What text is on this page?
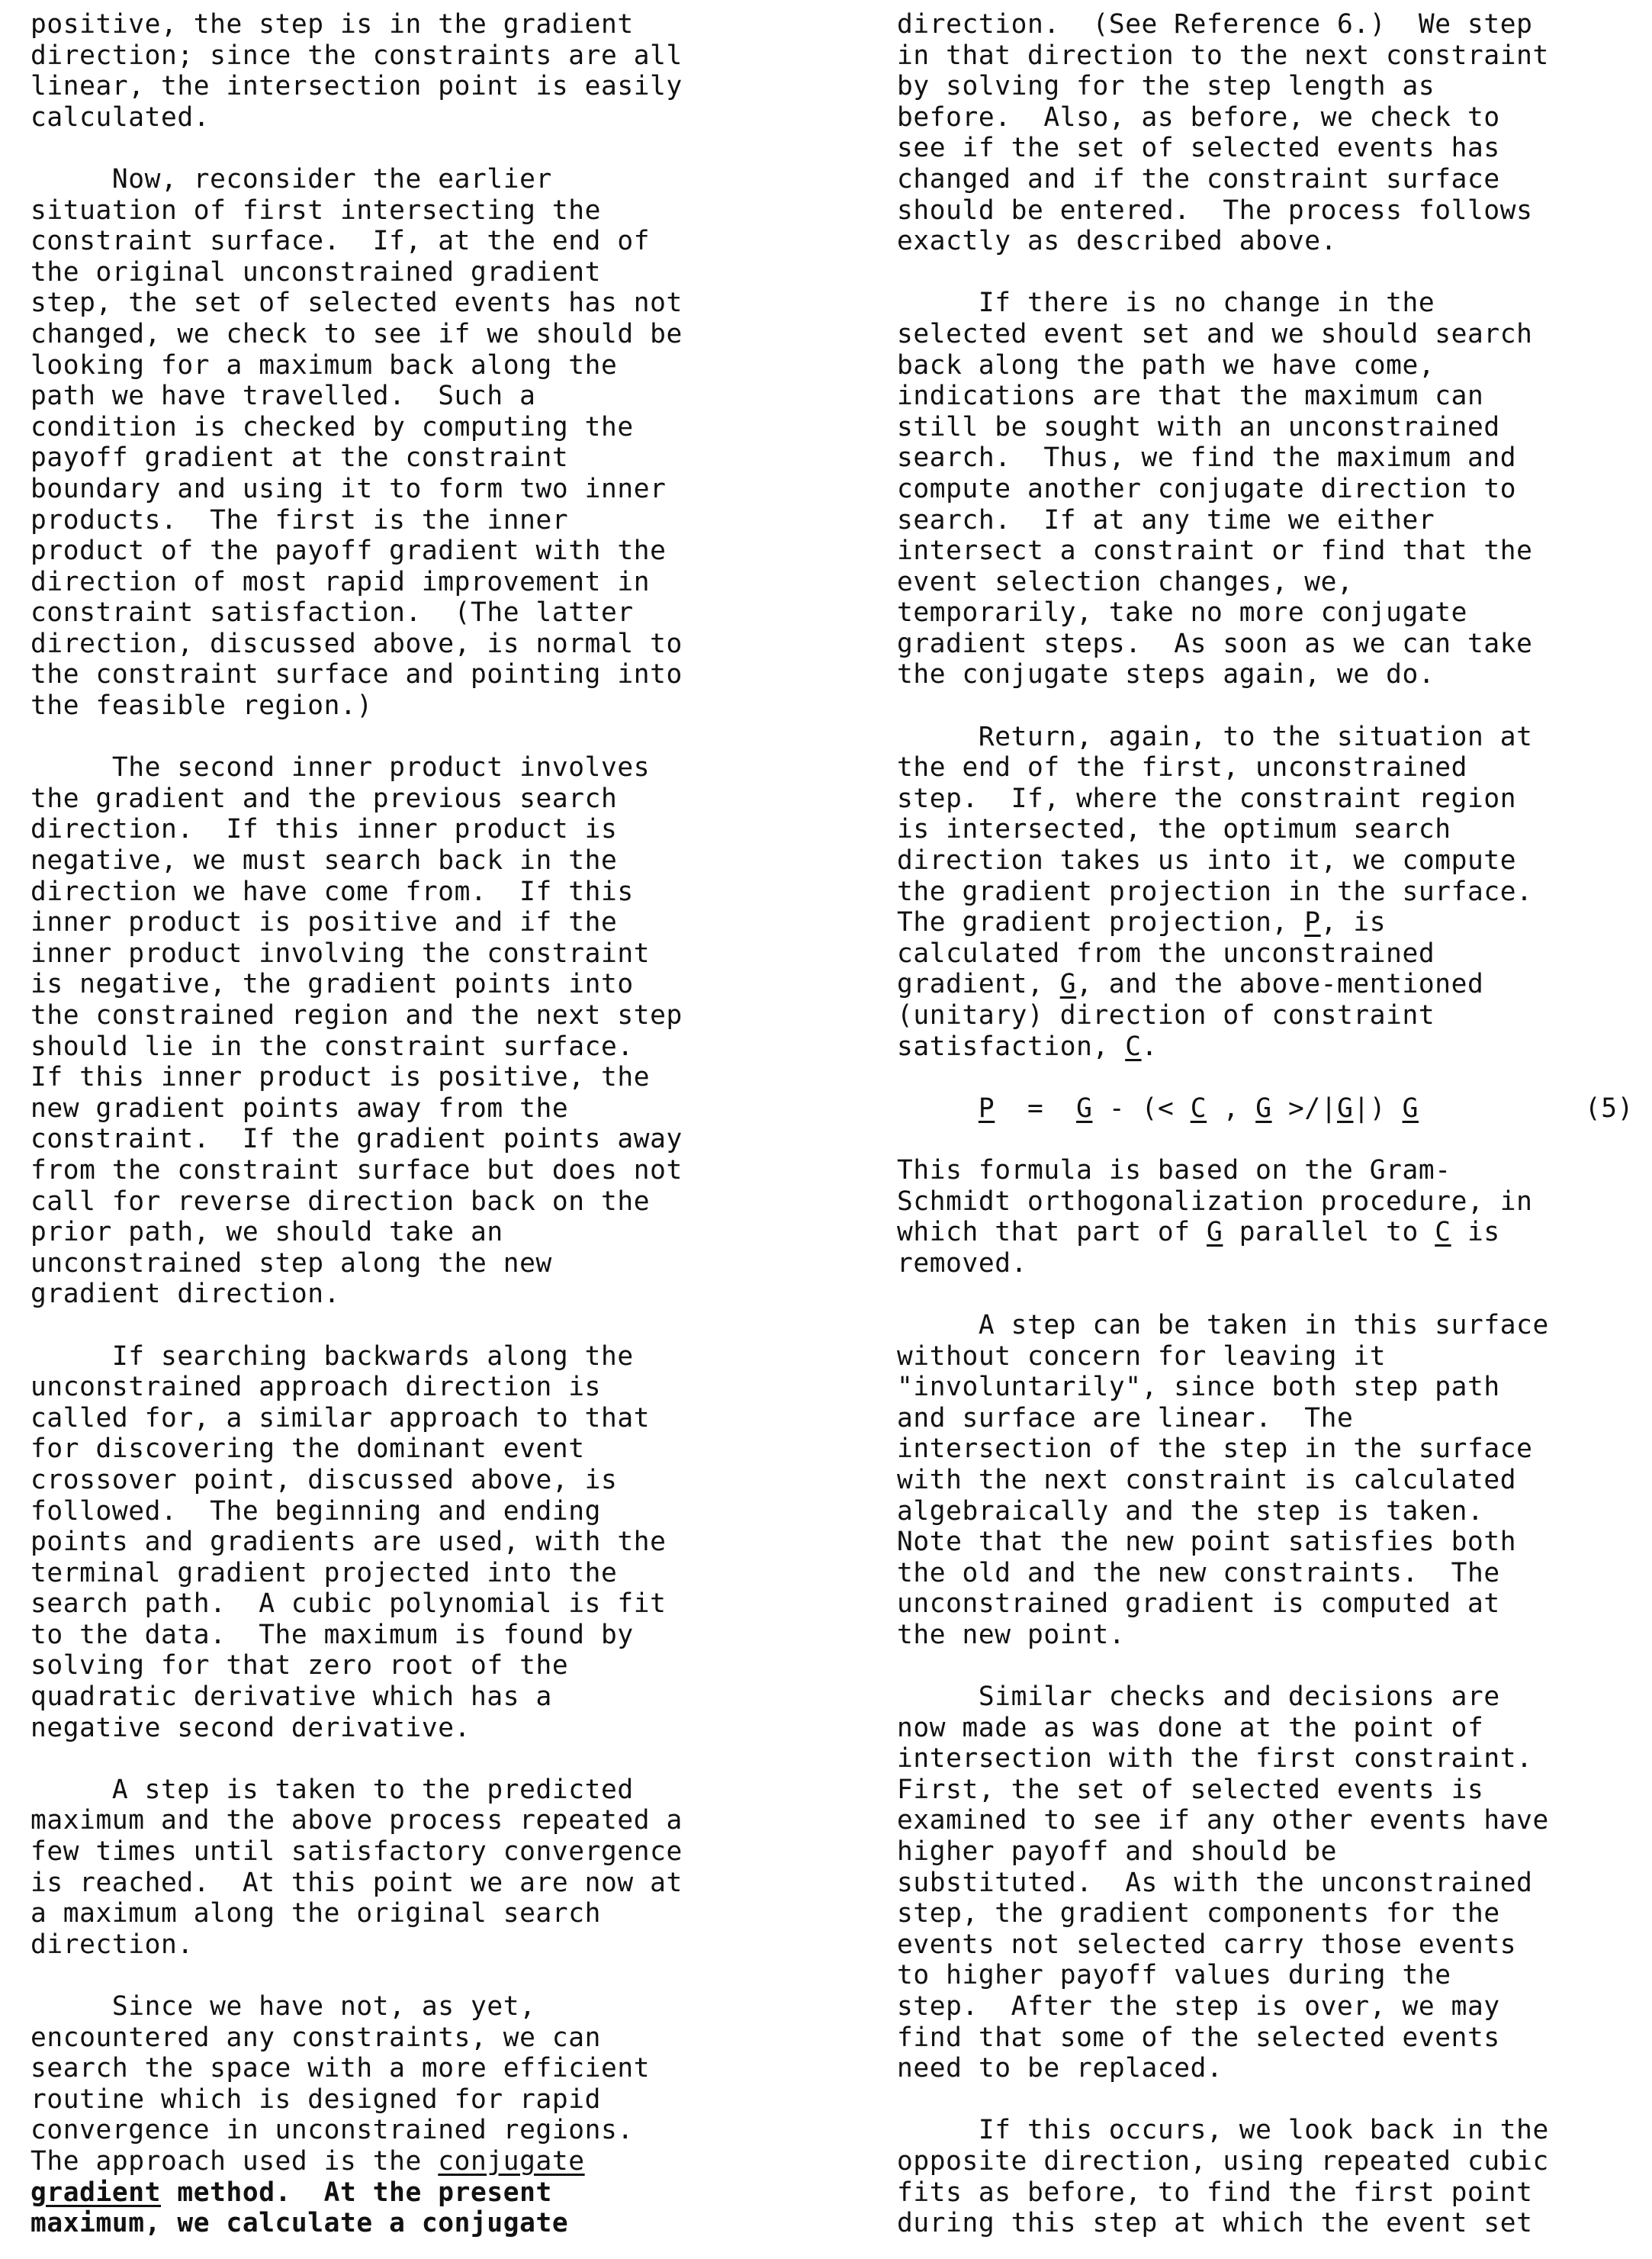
positive, the step is in the gradient
direction; since the constraints are all
linear, the intersection point is easily
calculated.
Now, reconsider the earlier
situation of first intersecting the
constraint surface.  If, at the end of
the original unconstrained gradient
step, the set of selected events has not
changed, we check to see if we should be
looking for a maximum back along the
path we have travelled.  Such a
condition is checked by computing the
payoff gradient at the constraint
boundary and using it to form two inner
products.  The first is the inner
product of the payoff gradient with the
direction of most rapid improvement in
constraint satisfaction.  (The latter
direction, discussed above, is normal to
the constraint surface and pointing into
the feasible region.)
The second inner product involves
the gradient and the previous search
direction.  If this inner product is
negative, we must search back in the
direction we have come from.  If this
inner product is positive and if the
inner product involving the constraint
is negative, the gradient points into
the constrained region and the next step
should lie in the constraint surface.
If this inner product is positive, the
new gradient points away from the
constraint.  If the gradient points away
from the constraint surface but does not
call for reverse direction back on the
prior path, we should take an
unconstrained step along the new
gradient direction.
If searching backwards along the
unconstrained approach direction is
called for, a similar approach to that
for discovering the dominant event
crossover point, discussed above, is
followed.  The beginning and ending
points and gradients are used, with the
terminal gradient projected into the
search path.  A cubic polynomial is fit
to the data.  The maximum is found by
solving for that zero root of the
quadratic derivative which has a
negative second derivative.
A step is taken to the predicted
maximum and the above process repeated a
few times until satisfactory convergence
is reached.  At this point we are now at
a maximum along the original search
direction.
Since we have not, as yet,
encountered any constraints, we can
search the space with a more efficient
routine which is designed for rapid
convergence in unconstrained regions.
The approach used is the conjugate
gradient method.  At the present
maximum, we calculate a conjugate
direction.  (See Reference 6.)  We step
in that direction to the next constraint
by solving for the step length as
before.  Also, as before, we check to
see if the set of selected events has
changed and if the constraint surface
should be entered.  The process follows
exactly as described above.
If there is no change in the
selected event set and we should search
back along the path we have come,
indications are that the maximum can
still be sought with an unconstrained
search.  Thus, we find the maximum and
compute another conjugate direction to
search.  If at any time we either
intersect a constraint or find that the
event selection changes, we,
temporarily, take no more conjugate
gradient steps.  As soon as we can take
the conjugate steps again, we do.
Return, again, to the situation at
the end of the first, unconstrained
step.  If, where the constraint region
is intersected, the optimum search
direction takes us into it, we compute
the gradient projection in the surface.
The gradient projection, P, is
calculated from the unconstrained
gradient, G, and the above-mentioned
(unitary) direction of constraint
satisfaction, C.
P  =  G - (< C , G >/|G|) G	(5)
This formula is based on the Gram-
Schmidt orthogonalization procedure, in
which that part of G parallel to C is
removed.
A step can be taken in this surface
without concern for leaving it
"involuntarily", since both step path
and surface are linear.  The
intersection of the step in the surface
with the next constraint is calculated
algebraically and the step is taken.
Note that the new point satisfies both
the old and the new constraints.  The
unconstrained gradient is computed at
the new point.
Similar checks and decisions are
now made as was done at the point of
intersection with the first constraint.
First, the set of selected events is
examined to see if any other events have
higher payoff and should be
substituted.  As with the unconstrained
step, the gradient components for the
events not selected carry those events
to higher payoff values during the
step.  After the step is over, we may
find that some of the selected events
need to be replaced.
If this occurs, we look back in the
opposite direction, using repeated cubic
fits as before, to find the first point
during this step at which the event set
